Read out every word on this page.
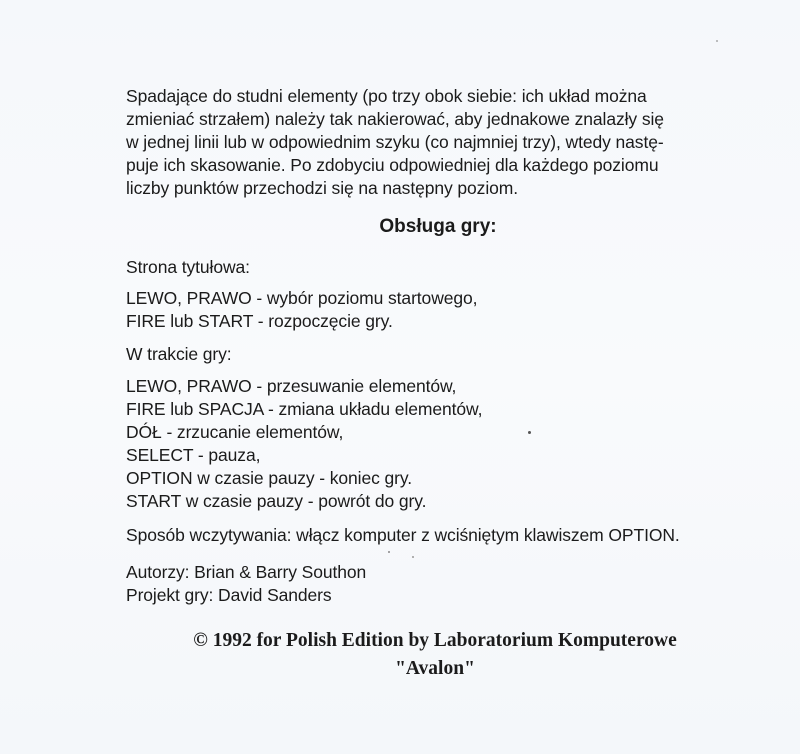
Spadające do studni elementy (po trzy obok siebie: ich układ można
zmieniać strzałem) należy tak nakierować, aby jednakowe znalazły się
w jednej linii lub w odpowiednim szyku (co najmniej trzy), wtedy nastę-
puje ich skasowanie. Po zdobyciu odpowiedniej dla każdego poziomu
liczby punktów przechodzi się na następny poziom.
Obsługa gry:
Strona tytułowa:
LEWO, PRAWO - wybór poziomu startowego,
FIRE lub START - rozpoczęcie gry.
W trakcie gry:
LEWO, PRAWO - przesuwanie elementów,
FIRE lub SPACJA - zmiana układu elementów,
DÓŁ - zrzucanie elementów,
SELECT - pauza,
OPTION w czasie pauzy - koniec gry.
START w czasie pauzy - powrót do gry.
Sposób wczytywania: włącz komputer z wciśniętym klawiszem OPTION.
Autorzy: Brian & Barry Southon
Projekt gry: David Sanders
© 1992 for Polish Edition by Laboratorium Komputerowe
"Avalon"
